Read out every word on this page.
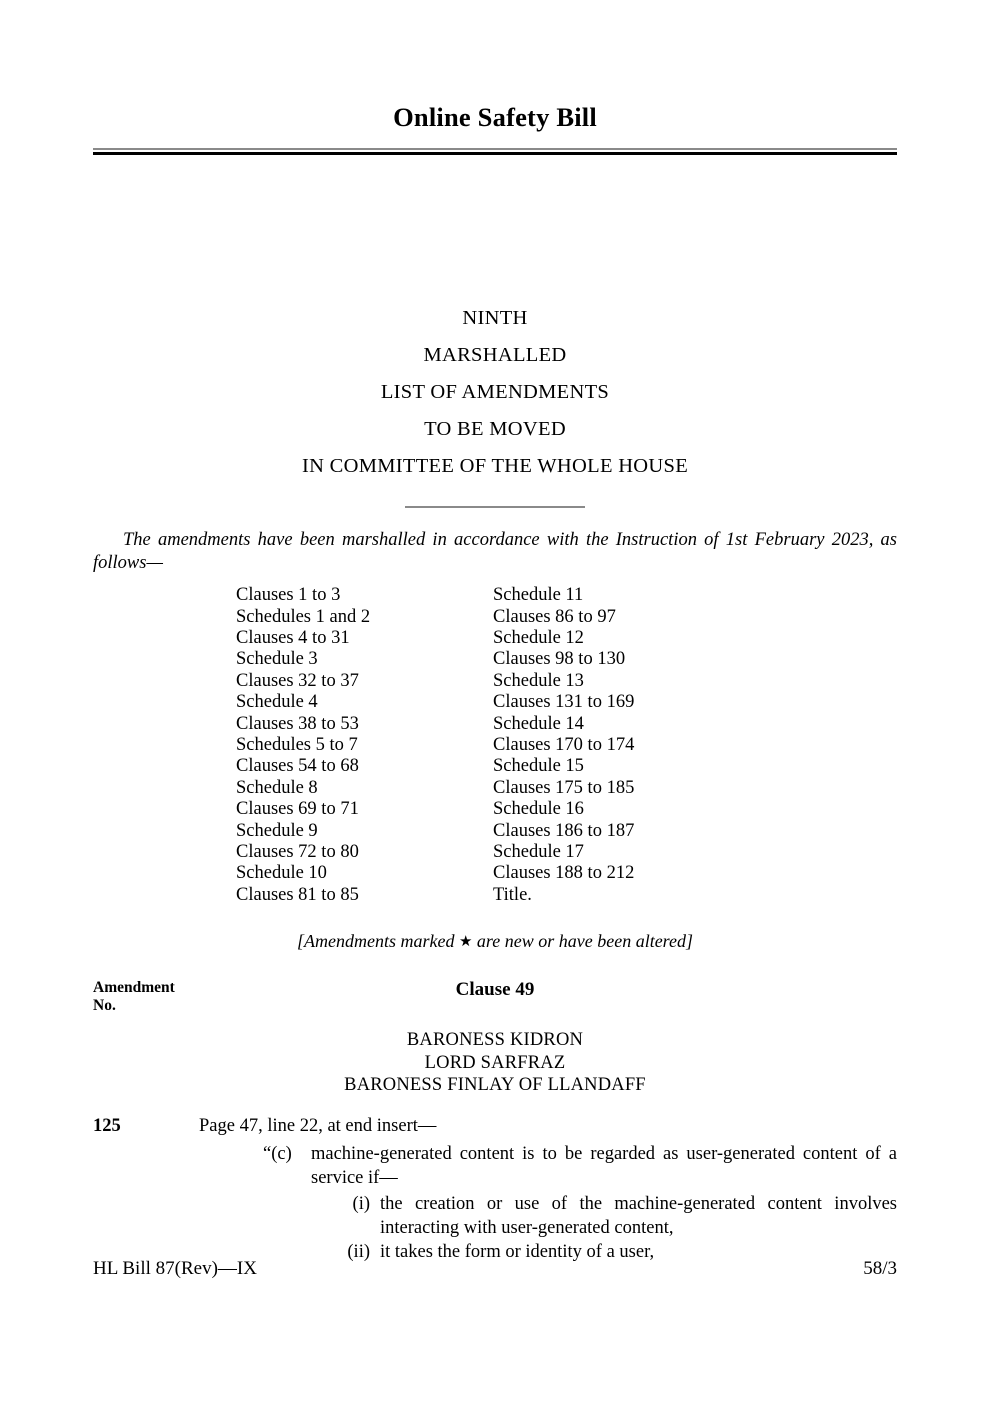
Online Safety Bill
NINTH
MARSHALLED
LIST OF AMENDMENTS
TO BE MOVED
IN COMMITTEE OF THE WHOLE HOUSE
The amendments have been marshalled in accordance with the Instruction of 1st February 2023, as follows—
Clauses 1 to 3
Schedules 1 and 2
Clauses 4 to 31
Schedule 3
Clauses 32 to 37
Schedule 4
Clauses 38 to 53
Schedules 5 to 7
Clauses 54 to 68
Schedule 8
Clauses 69 to 71
Schedule 9
Clauses 72 to 80
Schedule 10
Clauses 81 to 85
Schedule 11
Clauses 86 to 97
Schedule 12
Clauses 98 to 130
Schedule 13
Clauses 131 to 169
Schedule 14
Clauses 170 to 174
Schedule 15
Clauses 175 to 185
Schedule 16
Clauses 186 to 187
Schedule 17
Clauses 188 to 212
Title.
[Amendments marked ★ are new or have been altered]
Amendment
No.
Clause 49
BARONESS KIDRON
LORD SARFRAZ
BARONESS FINLAY OF LLANDAFF
125	Page 47, line 22, at end insert—
“(c)	machine-generated content is to be regarded as user-generated content of a service if—
(i) the creation or use of the machine-generated content involves interacting with user-generated content,
(ii) it takes the form or identity of a user,
HL Bill 87(Rev)—IX	58/3
